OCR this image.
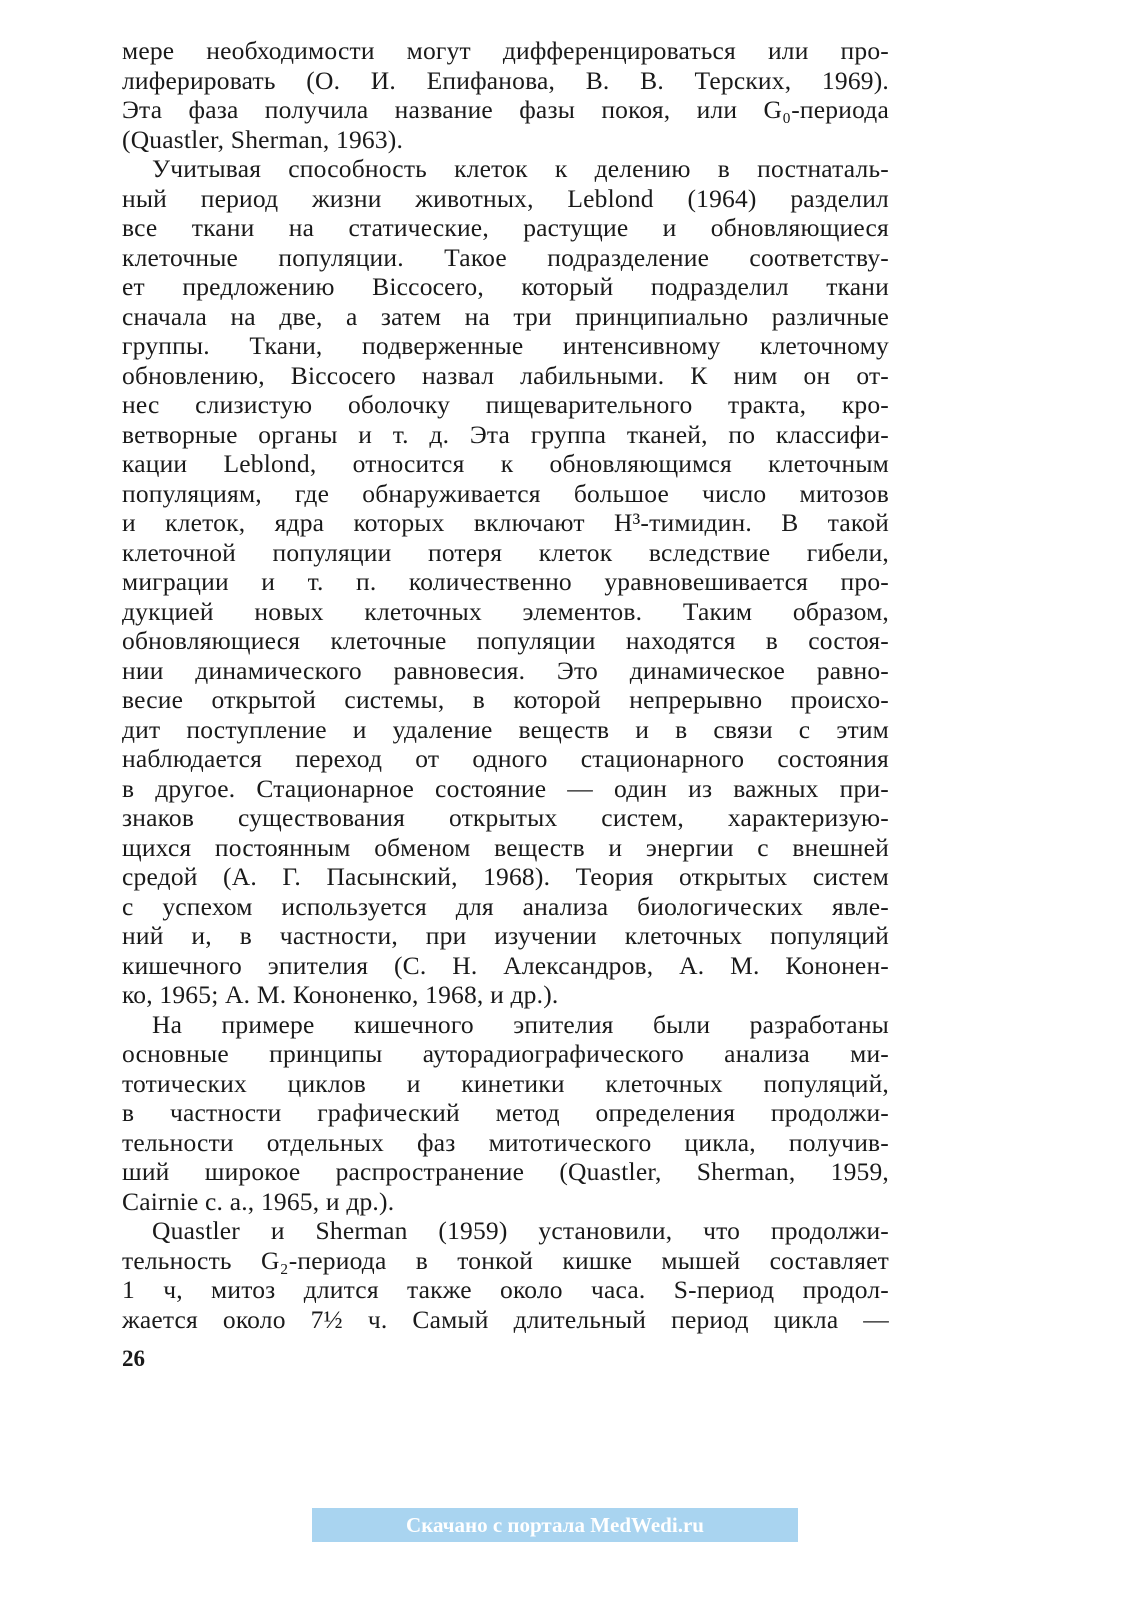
мере необходимости могут дифференцироваться или про-
лиферировать (О. И. Епифанова, В. В. Терских, 1969).
Эта фаза получила название фазы покоя, или G₀-периода
(Quastler, Sherman, 1963).
Учитывая способность клеток к делению в постнаталь-
ный период жизни животных, Leblond (1964) разделил
все ткани на статические, растущие и обновляющиеся
клеточные популяции. Такое подразделение соответству-
ет предложению Biccocero, который подразделил ткани
сначала на две, а затем на три принципиально различные
группы. Ткани, подверженные интенсивному клеточному
обновлению, Biccocero назвал лабильными. К ним он от-
нес слизистую оболочку пищеварительного тракта, кро-
ветворные органы и т. д. Эта группа тканей, по классифи-
кации Leblond, относится к обновляющимся клеточным
популяциям, где обнаруживается большое число митозов
и клеток, ядра которых включают H³-тимидин. В такой
клеточной популяции потеря клеток вследствие гибели,
миграции и т. п. количественно уравновешивается про-
дукцией новых клеточных элементов. Таким образом,
обновляющиеся клеточные популяции находятся в состоя-
нии динамического равновесия. Это динамическое равно-
весие открытой системы, в которой непрерывно происхо-
дит поступление и удаление веществ и в связи с этим
наблюдается переход от одного стационарного состояния
в другое. Стационарное состояние — один из важных при-
знаков существования открытых систем, характеризую-
щихся постоянным обменом веществ и энергии с внешней
средой (А. Г. Пасынский, 1968). Теория открытых систем
с успехом используется для анализа биологических явле-
ний и, в частности, при изучении клеточных популяций
кишечного эпителия (С. Н. Александров, А. М. Кононен-
ко, 1965; А. М. Кононенко, 1968, и др.).
На примере кишечного эпителия были разработаны
основные принципы ауторадиографического анализа ми-
тотических циклов и кинетики клеточных популяций,
в частности графический метод определения продолжи-
тельности отдельных фаз митотического цикла, получив-
ший широкое распространение (Quastler, Sherman, 1959,
Cairnie с. а., 1965, и др.).
Quastler и Sherman (1959) установили, что продолжи-
тельность G₂-периода в тонкой кишке мышей составляет
1 ч, митоз длится также около часа. S-период продол-
жается около 7½ ч. Самый длительный период цикла —
26
Скачано с портала MedWedi.ru
